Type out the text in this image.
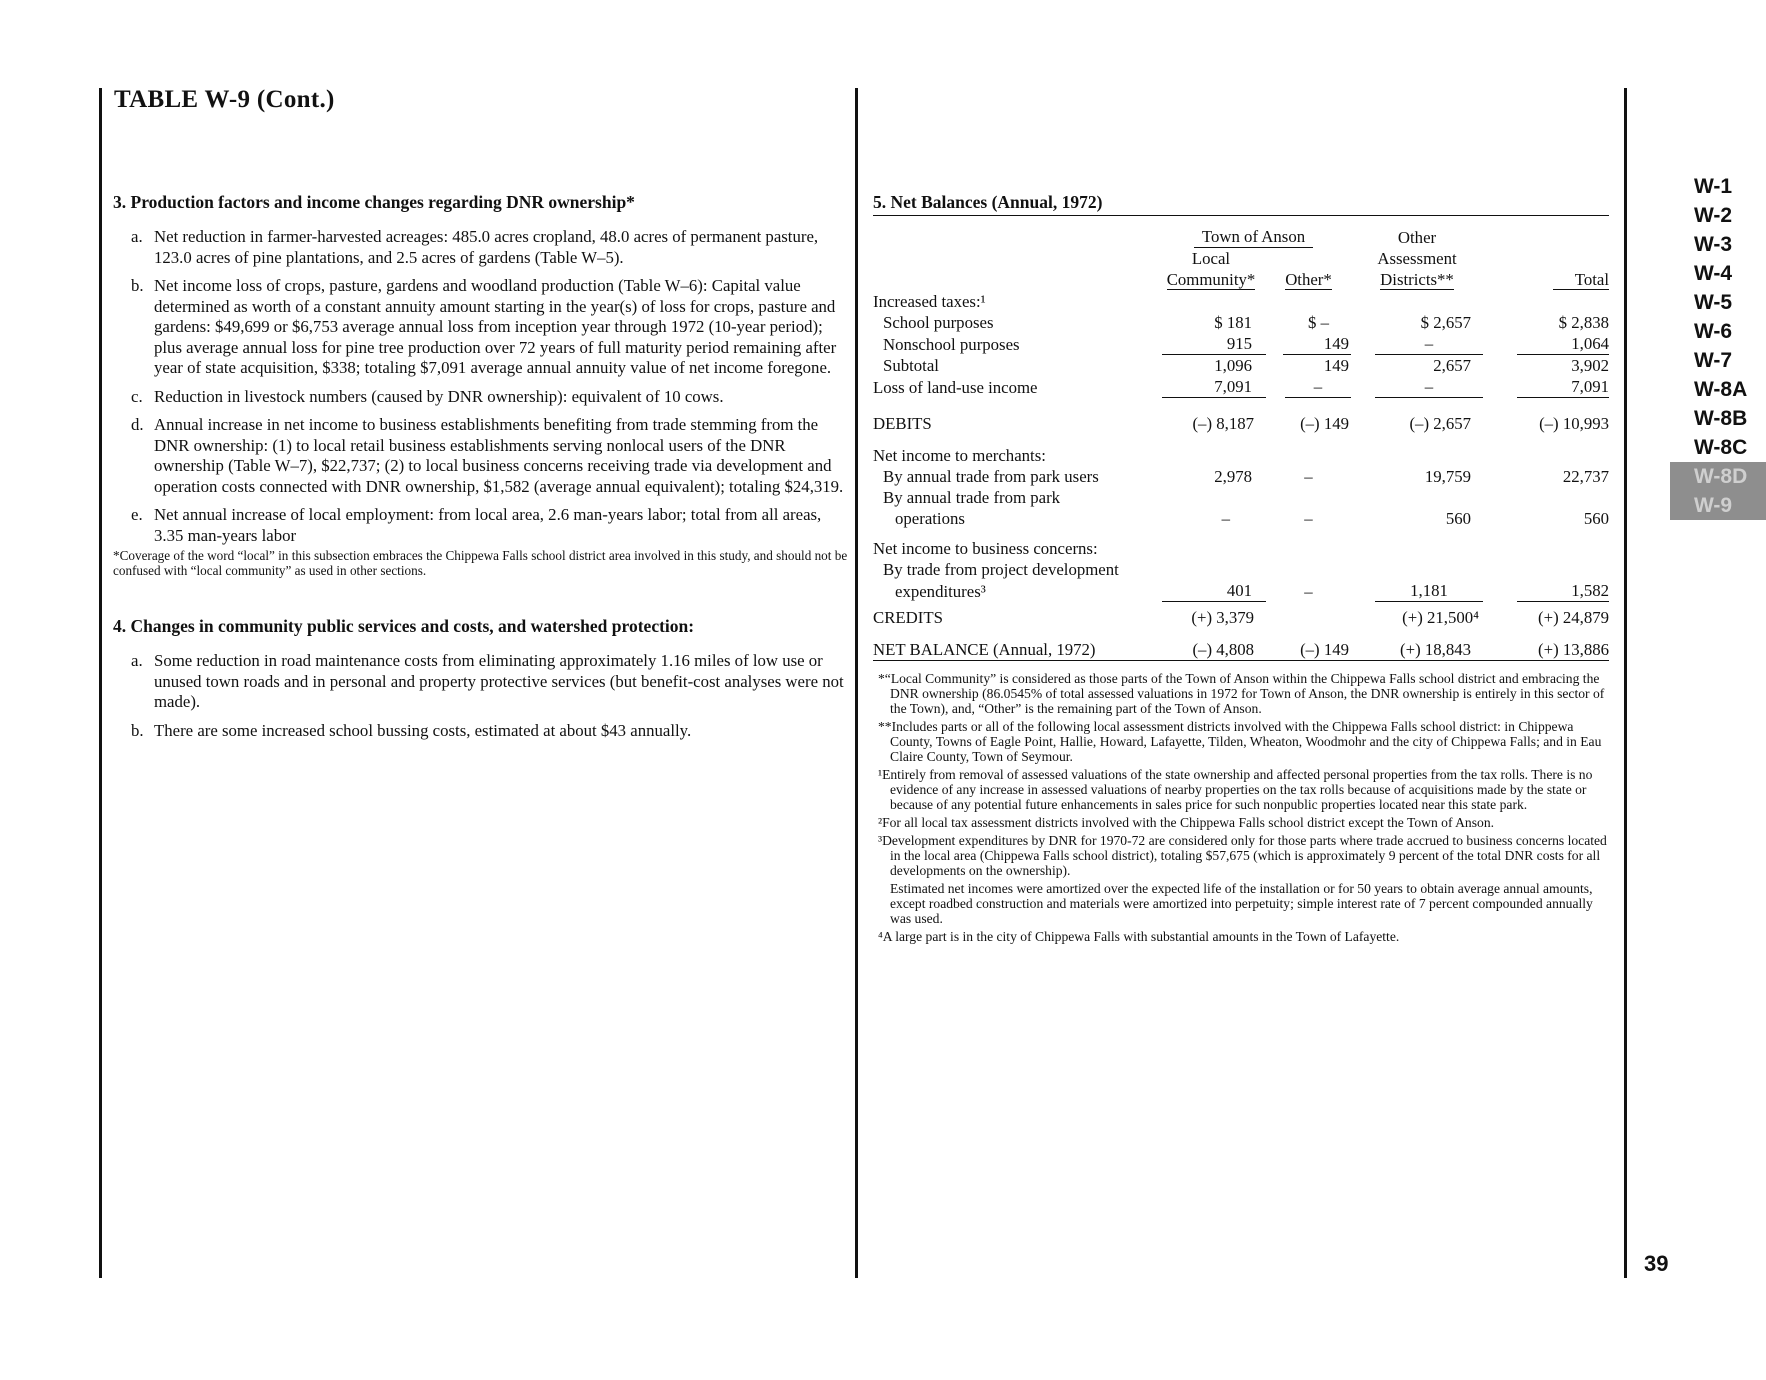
TABLE W-9 (Cont.)
3. Production factors and income changes regarding DNR ownership*
a. Net reduction in farmer-harvested acreages: 485.0 acres cropland, 48.0 acres of permanent pasture, 123.0 acres of pine plantations, and 2.5 acres of gardens (Table W–5).
b. Net income loss of crops, pasture, gardens and woodland production (Table W–6): Capital value determined as worth of a constant annuity amount starting in the year(s) of loss for crops, pasture and gardens: $49,699 or $6,753 average annual loss from inception year through 1972 (10-year period); plus average annual loss for pine tree production over 72 years of full maturity period remaining after year of state acquisition, $338; totaling $7,091 average annual annuity value of net income foregone.
c. Reduction in livestock numbers (caused by DNR ownership): equivalent of 10 cows.
d. Annual increase in net income to business establishments benefiting from trade stemming from the DNR ownership: (1) to local retail business establishments serving nonlocal users of the DNR ownership (Table W–7), $22,737; (2) to local business concerns receiving trade via development and operation costs connected with DNR ownership, $1,582 (average annual equivalent); totaling $24,319.
e. Net annual increase of local employment: from local area, 2.6 man-years labor; total from all areas, 3.35 man-years labor
*Coverage of the word “local” in this subsection embraces the Chippewa Falls school district area involved in this study, and should not be confused with “local community” as used in other sections.
4. Changes in community public services and costs, and watershed protection:
a. Some reduction in road maintenance costs from eliminating approximately 1.16 miles of low use or unused town roads and in personal and property protective services (but benefit-cost analyses were not made).
b. There are some increased school bussing costs, estimated at about $43 annually.
5. Net Balances (Annual, 1972)
	Town of Anson		Other	
	Local		Assessment	
	Community*	Other*	Districts**	Total
Increased taxes:¹				
School purposes	$ 181	$ –	$ 2,657	$ 2,838
Nonschool purposes	915	149	–	1,064
Subtotal	1,096	149	2,657	3,902
Loss of land-use income	7,091	–	–	7,091
DEBITS	(–) 8,187	(–) 149	(–) 2,657	(–) 10,993
Net income to merchants:				
By annual trade from park users	2,978	–	19,759	22,737
By annual trade from park				
operations	–	–	560	560
Net income to business concerns:				
By trade from project development				
expenditures³	401	–	1,181	1,582
CREDITS	(+) 3,379		(+) 21,500⁴	(+) 24,879
NET BALANCE (Annual, 1972)	(–) 4,808	(–) 149	(+) 18,843	(+) 13,886
*“Local Community” is considered as those parts of the Town of Anson within the Chippewa Falls school district and embracing the DNR ownership (86.0545% of total assessed valuations in 1972 for Town of Anson, the DNR ownership is entirely in this sector of the Town), and, “Other” is the remaining part of the Town of Anson.
**Includes parts or all of the following local assessment districts involved with the Chippewa Falls school district: in Chippewa County, Towns of Eagle Point, Hallie, Howard, Lafayette, Tilden, Wheaton, Woodmohr and the city of Chippewa Falls; and in Eau Claire County, Town of Seymour.
¹Entirely from removal of assessed valuations of the state ownership and affected personal properties from the tax rolls. There is no evidence of any increase in assessed valuations of nearby properties on the tax rolls because of acquisitions made by the state or because of any potential future enhancements in sales price for such nonpublic properties located near this state park.
²For all local tax assessment districts involved with the Chippewa Falls school district except the Town of Anson.
³Development expenditures by DNR for 1970-72 are considered only for those parts where trade accrued to business concerns located in the local area (Chippewa Falls school district), totaling $57,675 (which is approximately 9 percent of the total DNR costs for all developments on the ownership).
Estimated net incomes were amortized over the expected life of the installation or for 50 years to obtain average annual amounts, except roadbed construction and materials were amortized into perpetuity; simple interest rate of 7 percent compounded annually was used.
⁴A large part is in the city of Chippewa Falls with substantial amounts in the Town of Lafayette.
W-1
W-2
W-3
W-4
W-5
W-6
W-7
W-8A
W-8B
W-8C
W-8D
W-9
39
